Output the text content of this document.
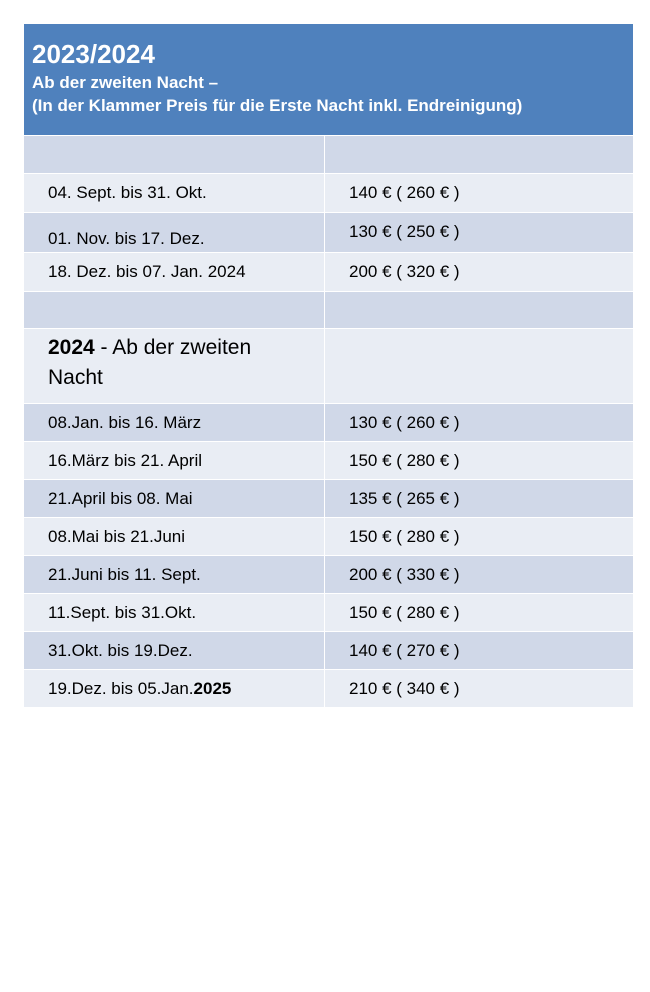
2023/2024
Ab der zweiten Nacht –
(In der Klammer Preis für die Erste Nacht inkl. Endreinigung)
04. Sept. bis 31. Okt.	140 € ( 260 € )
01. Nov. bis 17. Dez.	130 € ( 250 € )
18. Dez. bis 07. Jan. 2024	200 € ( 320 € )
2024 - Ab der zweiten
Nacht
08.Jan. bis 16. März	130 € ( 260 € )
16.März bis 21. April	150 € ( 280 € )
21.April bis 08. Mai	135 € ( 265 € )
08.Mai bis 21.Juni	150 € ( 280 € )
21.Juni bis 11. Sept.	200 € ( 330 € )
11.Sept. bis 31.Okt.	150 € ( 280 € )
31.Okt. bis 19.Dez.	140 € ( 270 € )
19.Dez. bis 05.Jan.2025	210 € ( 340 € )
